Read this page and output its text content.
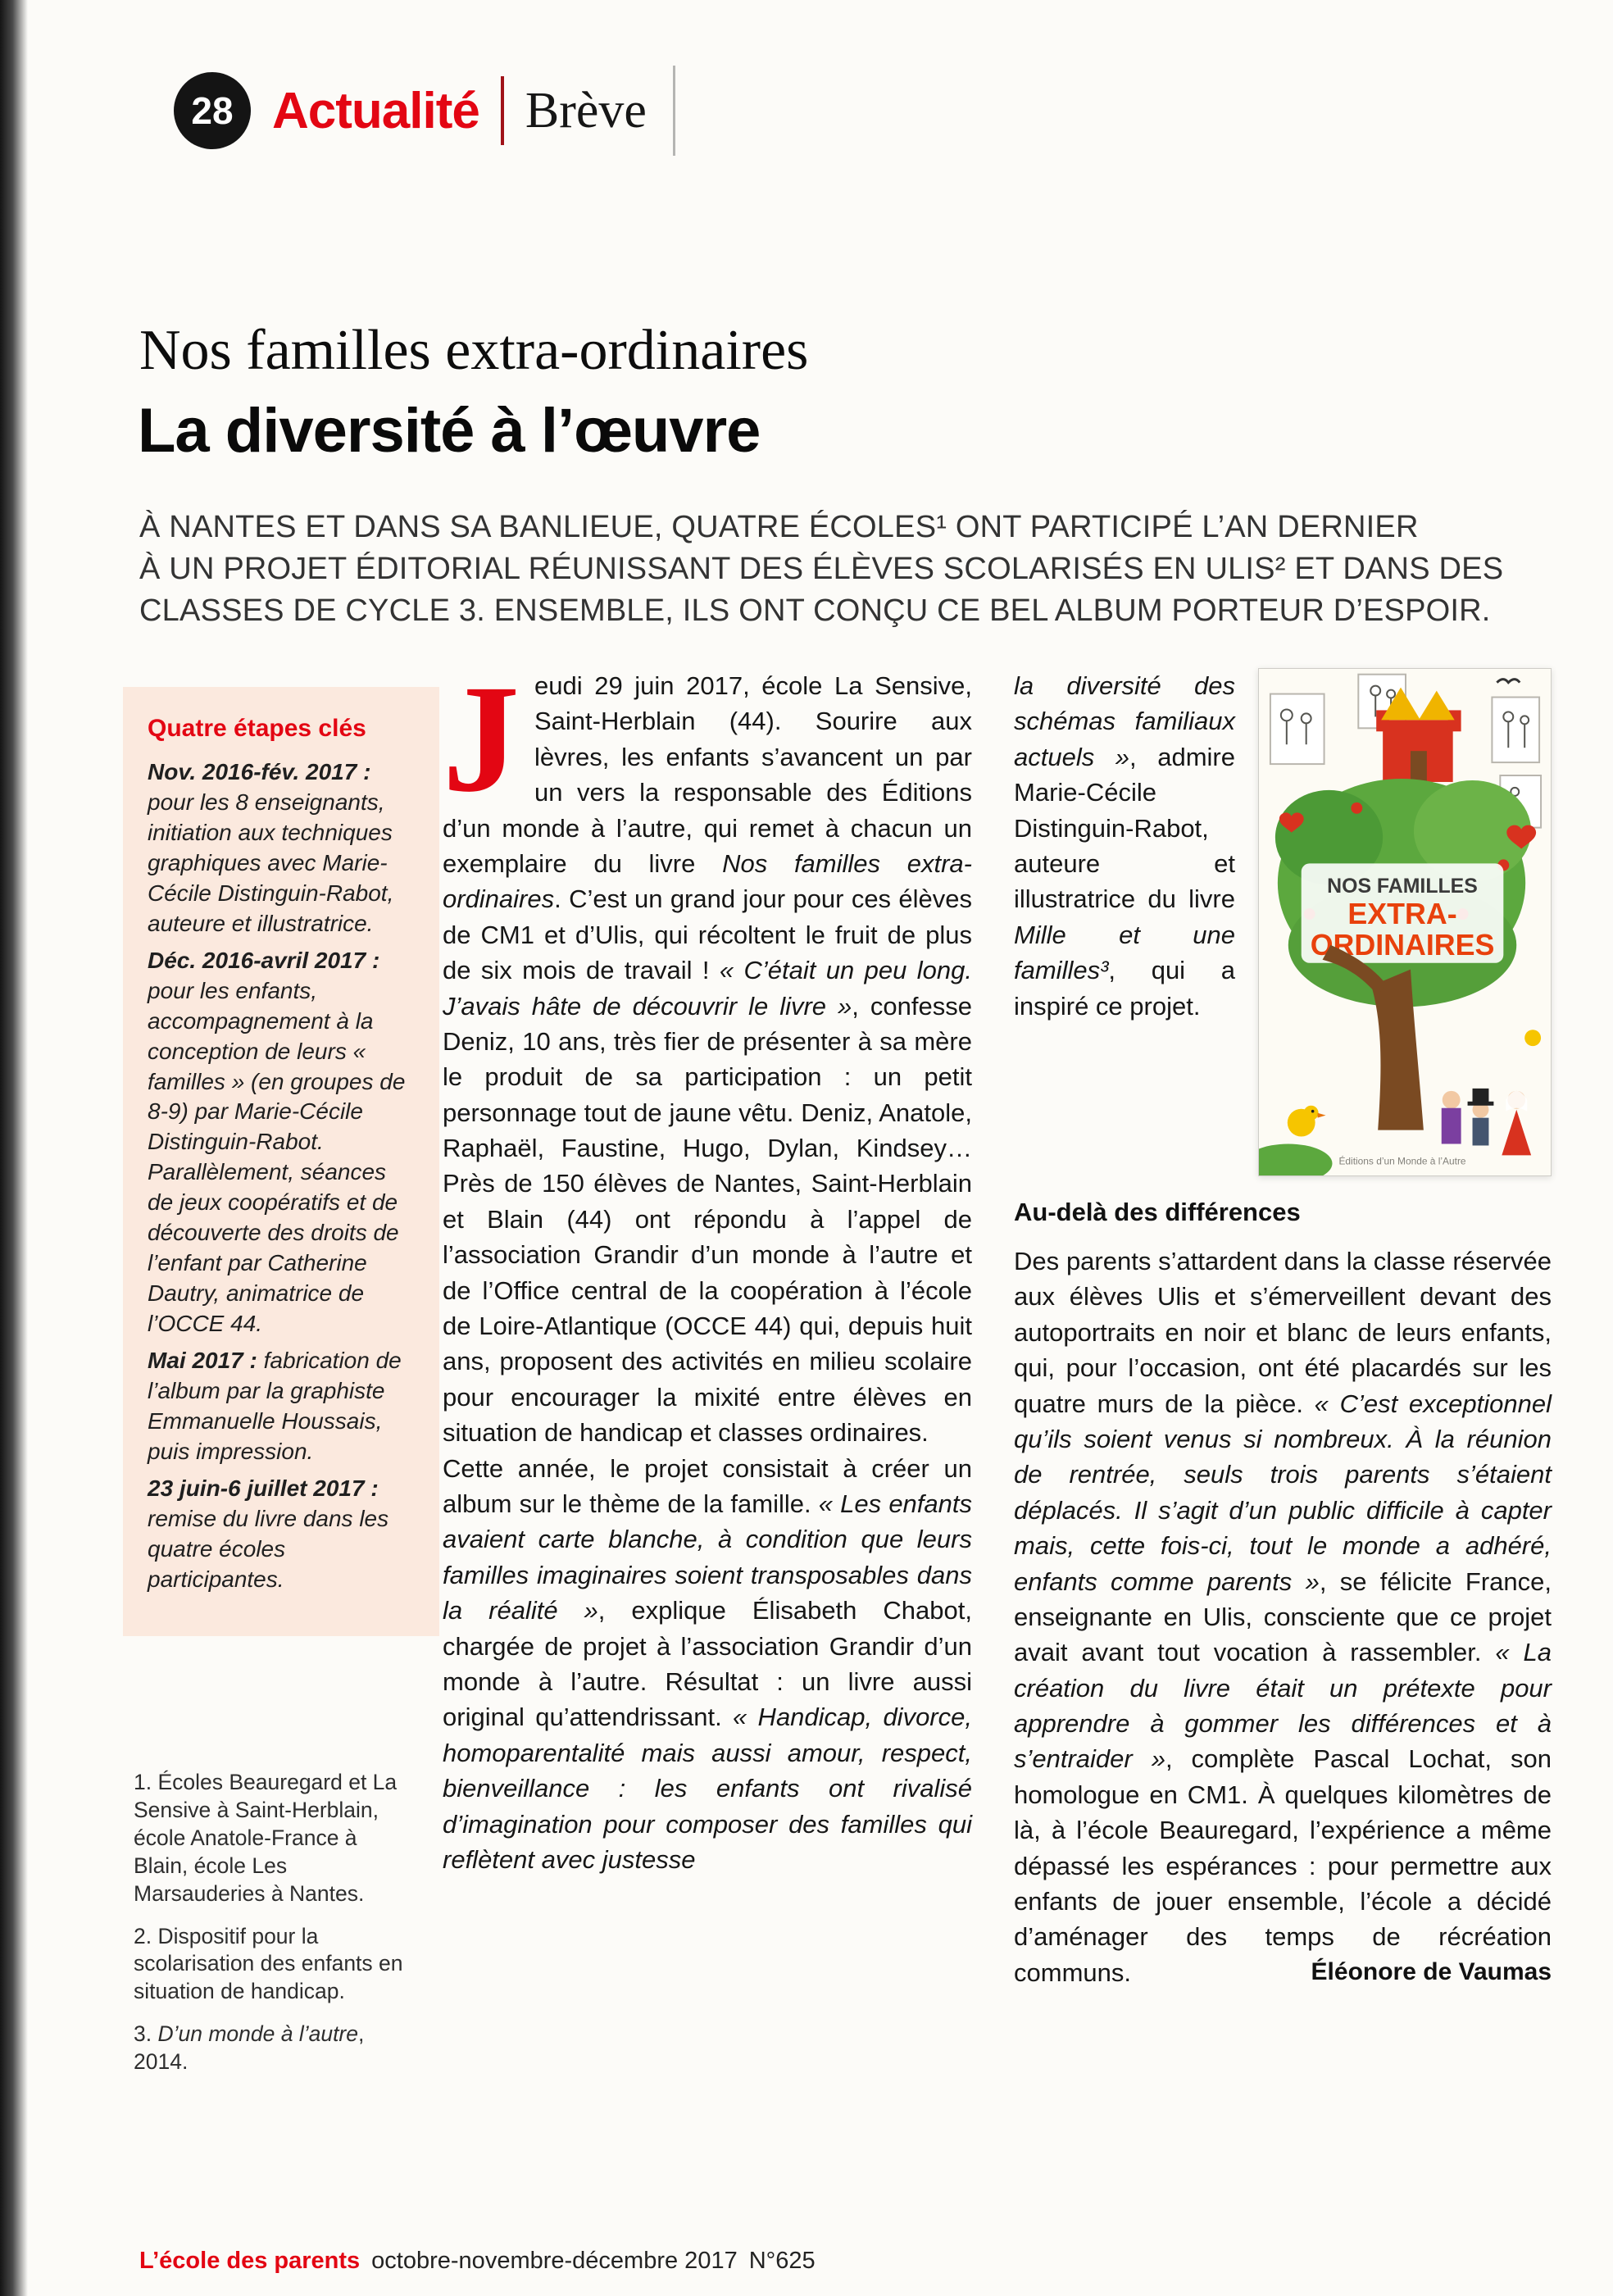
28 Actualité Brève
Nos familles extra-ordinaires
La diversité à l’œuvre
À NANTES ET DANS SA BANLIEUE, QUATRE ÉCOLES¹ ONT PARTICIPÉ L’AN DERNIER
À UN PROJET ÉDITORIAL RÉUNISSANT DES ÉLÈVES SCOLARISÉS EN ULIS² ET DANS DES
CLASSES DE CYCLE 3. ENSEMBLE, ILS ONT CONÇU CE BEL ALBUM PORTEUR D’ESPOIR.
Quatre étapes clés

Nov. 2016-fév. 2017 : pour les 8 enseignants, initiation aux techniques graphiques avec Marie-Cécile Distinguin-Rabot, auteure et illustratrice.

Déc. 2016-avril 2017 : pour les enfants, accompagnement à la conception de leurs « familles » (en groupes de 8-9) par Marie-Cécile Distinguin-Rabot. Parallèlement, séances de jeux coopératifs et de découverte des droits de l’enfant par Catherine Dautry, animatrice de l’OCCE 44.

Mai 2017 : fabrication de l’album par la graphiste Emmanuelle Houssais, puis impression.

23 juin-6 juillet 2017 : remise du livre dans les quatre écoles participantes.

1. Écoles Beauregard et La Sensive à Saint-Herblain, école Anatole-France à Blain, école Les Marsauderies à Nantes.

2. Dispositif pour la scolarisation des enfants en situation de handicap.

3. D’un monde à l’autre, 2014.

Jeudi 29 juin 2017, école La Sensive, Saint-Herblain (44). Sourire aux lèvres, les enfants s’avancent un par un vers la responsable des Éditions d’un monde à l’autre, qui remet à chacun un exemplaire du livre Nos familles extra-ordinaires. C’est un grand jour pour ces élèves de CM1 et d’Ulis, qui récoltent le fruit de plus de six mois de travail ! « C’était un peu long. J’avais hâte de découvrir le livre », confesse Deniz, 10 ans, très fier de présenter à sa mère le produit de sa participation : un petit personnage tout de jaune vêtu. Deniz, Anatole, Raphaël, Faustine, Hugo, Dylan, Kindsey… Près de 150 élèves de Nantes, Saint-Herblain et Blain (44) ont répondu à l’appel de l’association Grandir d’un monde à l’autre et de l’Office central de la coopération à l’école de Loire-Atlantique (OCCE 44) qui, depuis huit ans, proposent des activités en milieu scolaire pour encourager la mixité entre élèves en situation de handicap et classes ordinaires.

Cette année, le projet consistait à créer un album sur le thème de la famille. « Les enfants avaient carte blanche, à condition que leurs familles imaginaires soient transposables dans la réalité », explique Élisabeth Chabot, chargée de projet à l’association Grandir d’un monde à l’autre. Résultat : un livre aussi original qu’attendrissant. « Handicap, divorce, homoparentalité mais aussi amour, respect, bienveillance : les enfants ont rivalisé d’imagination pour composer des familles qui reflètent avec justesse

NOS FAMILLES
EXTRA-
ORDINAIRES
Éditions d’un Monde à l’Autre

la diversité des schémas familiaux actuels », admire Marie-Cécile Distinguin-Rabot, auteure et illustratrice du livre Mille et une familles³, qui a inspiré ce projet.

Au-delà des différences

Des parents s’attardent dans la classe réservée aux élèves Ulis et s’émerveillent devant des autoportraits en noir et blanc de leurs enfants, qui, pour l’occasion, ont été placardés sur les quatre murs de la pièce. « C’est exceptionnel qu’ils soient venus si nombreux. À la réunion de rentrée, seuls trois parents s’étaient déplacés. Il s’agit d’un public difficile à capter mais, cette fois-ci, tout le monde a adhéré, enfants comme parents », se félicite France, enseignante en Ulis, consciente que ce projet avait avant tout vocation à rassembler. « La création du livre était un prétexte pour apprendre à gommer les différences et à s’entraider », complète Pascal Lochat, son homologue en CM1. À quelques kilomètres de là, à l’école Beauregard, l’expérience a même dépassé les espérances : pour permettre aux enfants de jouer ensemble, l’école a décidé d’aménager des temps de récréation communs.	Éléonore de Vaumas

L’école des parents octobre-novembre-décembre 2017 N°625
